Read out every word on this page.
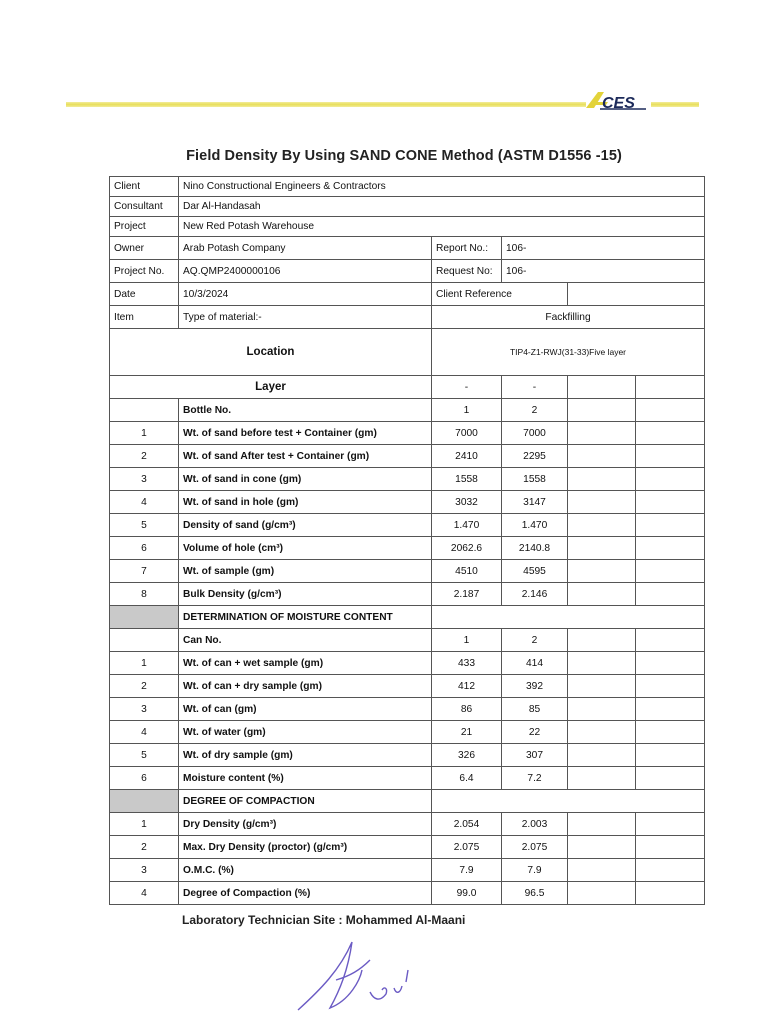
CES
Field Density By Using SAND CONE Method (ASTM D1556 -15)
Client	Nino Constructional Engineers & Contractors				
Consultant	Dar Al-Handasah				
Project	New Red Potash Warehouse				
Owner	Arab Potash Company	Report No.:	106-		
Project No.	AQ.QMP2400000106	Request No:	106-		
Date	10/3/2024	Client Reference			
Item	Type of material:-	Fackfilling			
Location		TIP4-Z1-RWJ(31-33)Five layer			
Layer		-	-		
	Bottle No.	1	2		
1	Wt. of sand before test + Container (gm)	7000	7000		
2	Wt. of sand After test + Container (gm)	2410	2295		
3	Wt. of sand in cone (gm)	1558	1558		
4	Wt. of sand in hole (gm)	3032	3147		
5	Density of sand (g/cm³)	1.470	1.470		
6	Volume of hole (cm³)	2062.6	2140.8		
7	Wt. of sample (gm)	4510	4595		
8	Bulk Density (g/cm³)	2.187	2.146		
	DETERMINATION OF MOISTURE CONTENT				
	Can No.	1	2		
1	Wt. of can + wet sample (gm)	433	414		
2	Wt. of can + dry sample (gm)	412	392		
3	Wt. of can (gm)	86	85		
4	Wt. of water (gm)	21	22		
5	Wt. of dry sample (gm)	326	307		
6	Moisture content (%)	6.4	7.2		
	DEGREE OF COMPACTION				
1	Dry Density (g/cm³)	2.054	2.003		
2	Max. Dry Density (proctor) (g/cm³)	2.075	2.075		
3	O.M.C. (%)	7.9	7.9		
4	Degree of Compaction (%)	99.0	96.5		
Laboratory Technician Site : Mohammed Al-Maani
